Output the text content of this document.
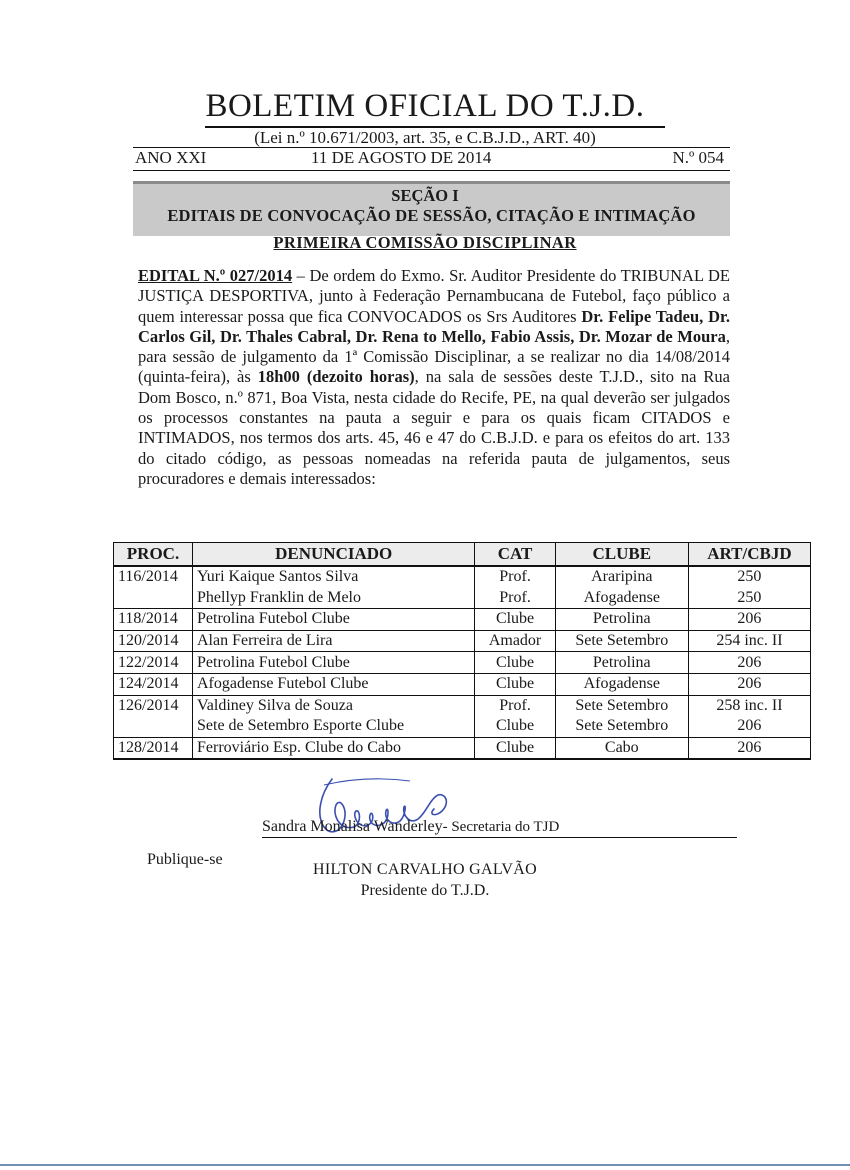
BOLETIM OFICIAL DO T.J.D.
(Lei n.º 10.671/2003, art. 35, e C.B.J.D., ART. 40)
ANO XXI	11 DE AGOSTO DE 2014	N.º 054
SEÇÃO I
EDITAIS DE CONVOCAÇÃO DE SESSÃO, CITAÇÃO E INTIMAÇÃO
PRIMEIRA COMISSÃO DISCIPLINAR
EDITAL N.º 027/2014 – De ordem do Exmo. Sr. Auditor Presidente do TRIBUNAL DE JUSTIÇA DESPORTIVA, junto à Federação Pernambucana de Futebol, faço público a quem interessar possa que fica CONVOCADOS os Srs Auditores Dr. Felipe Tadeu, Dr. Carlos Gil, Dr. Thales Cabral, Dr. Rena to Mello, Fabio Assis, Dr. Mozar de Moura, para sessão de julgamento da 1ª Comissão Disciplinar, a se realizar no dia 14/08/2014 (quinta-feira), às 18h00 (dezoito horas), na sala de sessões deste T.J.D., sito na Rua Dom Bosco, n.º 871, Boa Vista, nesta cidade do Recife, PE, na qual deverão ser julgados os processos constantes na pauta a seguir e para os quais ficam CITADOS e INTIMADOS, nos termos dos arts. 45, 46 e 47 do C.B.J.D. e para os efeitos do art. 133 do citado código, as pessoas nomeadas na referida pauta de julgamentos, seus procuradores e demais interessados:
PROC.	DENUNCIADO	CAT	CLUBE	ART/CBJD
116/2014	Yuri Kaique Santos Silva	Prof.	Araripina	250
	Phellyp Franklin de Melo	Prof.	Afogadense	250
118/2014	Petrolina Futebol Clube	Clube	Petrolina	206
120/2014	Alan Ferreira de Lira	Amador	Sete Setembro	254 inc. II
122/2014	Petrolina Futebol Clube	Clube	Petrolina	206
124/2014	Afogadense Futebol Clube	Clube	Afogadense	206
126/2014	Valdiney Silva de Souza	Prof.	Sete Setembro	258 inc. II
	Sete de Setembro Esporte Clube	Clube	Sete Setembro	206
128/2014	Ferroviário Esp. Clube do Cabo	Clube	Cabo	206
Sandra Monalisa Wanderley- Secretaria do TJD
Publique-se
HILTON CARVALHO GALVÃO
Presidente do T.J.D.
